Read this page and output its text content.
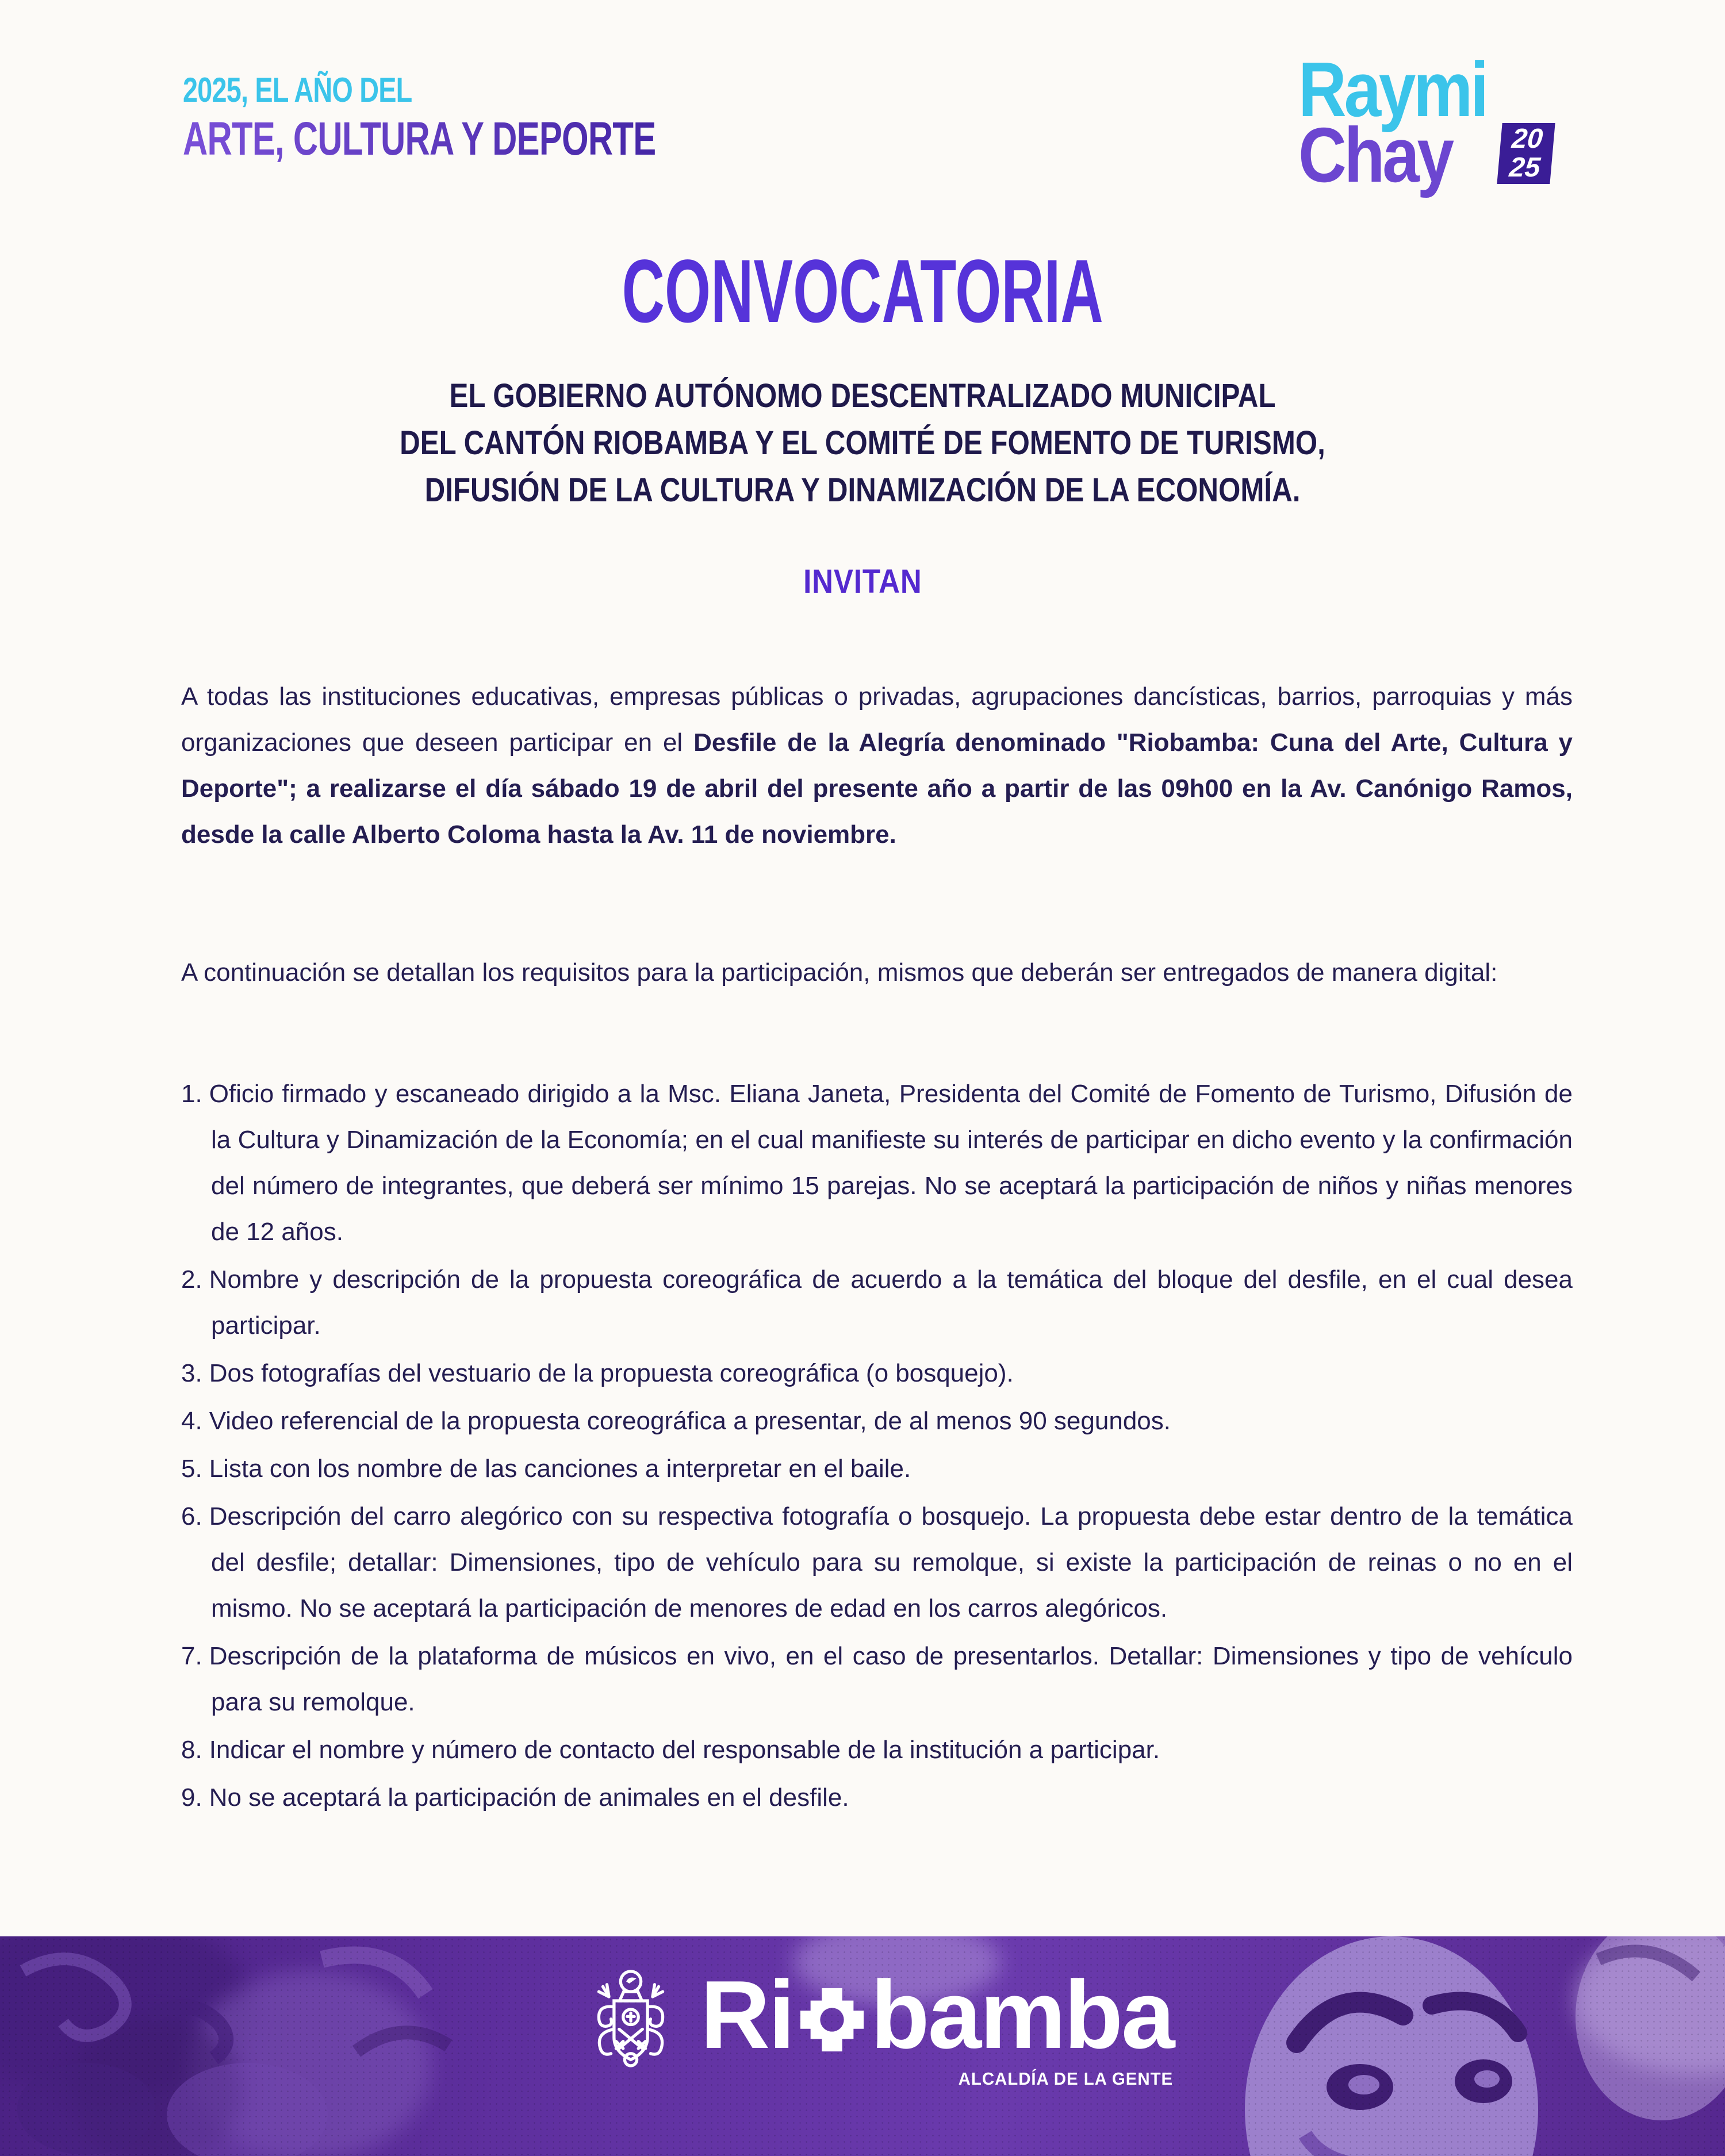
2025, EL AÑO DEL
ARTE, CULTURA Y DEPORTE
Raymi
Chay	20
25
CONVOCATORIA
EL GOBIERNO AUTÓNOMO DESCENTRALIZADO MUNICIPAL
DEL CANTÓN RIOBAMBA Y EL COMITÉ DE FOMENTO DE TURISMO,
DIFUSIÓN DE LA CULTURA Y DINAMIZACIÓN DE LA ECONOMÍA.
INVITAN

A todas las instituciones educativas, empresas públicas o privadas, agrupaciones dancísticas, barrios, parroquias y más organizaciones que deseen participar en el Desfile de la Alegría denominado "Riobamba: Cuna del Arte, Cultura y Deporte"; a realizarse el día sábado 19 de abril del presente año a partir de las 09h00 en la Av. Canónigo Ramos, desde la calle Alberto Coloma hasta la Av. 11 de noviembre.

A continuación se detallan los requisitos para la participación, mismos que deberán ser entregados de manera digital:

1. Oficio firmado y escaneado dirigido a la Msc. Eliana Janeta, Presidenta del Comité de Fomento de Turismo, Difusión de la Cultura y Dinamización de la Economía; en el cual manifieste su interés de participar en dicho evento y la confirmación del número de integrantes, que deberá ser mínimo 15 parejas. No se aceptará la participación de niños y niñas menores de 12 años.
2. Nombre y descripción de la propuesta coreográfica de acuerdo a la temática del bloque del desfile, en el cual desea participar.
3. Dos fotografías del vestuario de la propuesta coreográfica (o bosquejo).
4. Video referencial de la propuesta coreográfica a presentar, de al menos 90 segundos.
5. Lista con los nombre de las canciones a interpretar en el baile.
6. Descripción del carro alegórico con su respectiva fotografía o bosquejo. La propuesta debe estar dentro de la temática del desfile; detallar: Dimensiones, tipo de vehículo para su remolque, si existe la participación de reinas o no en el mismo. No se aceptará la participación de menores de edad en los carros alegóricos.
7. Descripción de la plataforma de músicos en vivo, en el caso de presentarlos. Detallar: Dimensiones y tipo de vehículo para su remolque.
8. Indicar el nombre y número de contacto del responsable de la institución a participar.
9. No se aceptará la participación de animales en el desfile.
Ri bamba
ALCALDÍA DE LA GENTE
